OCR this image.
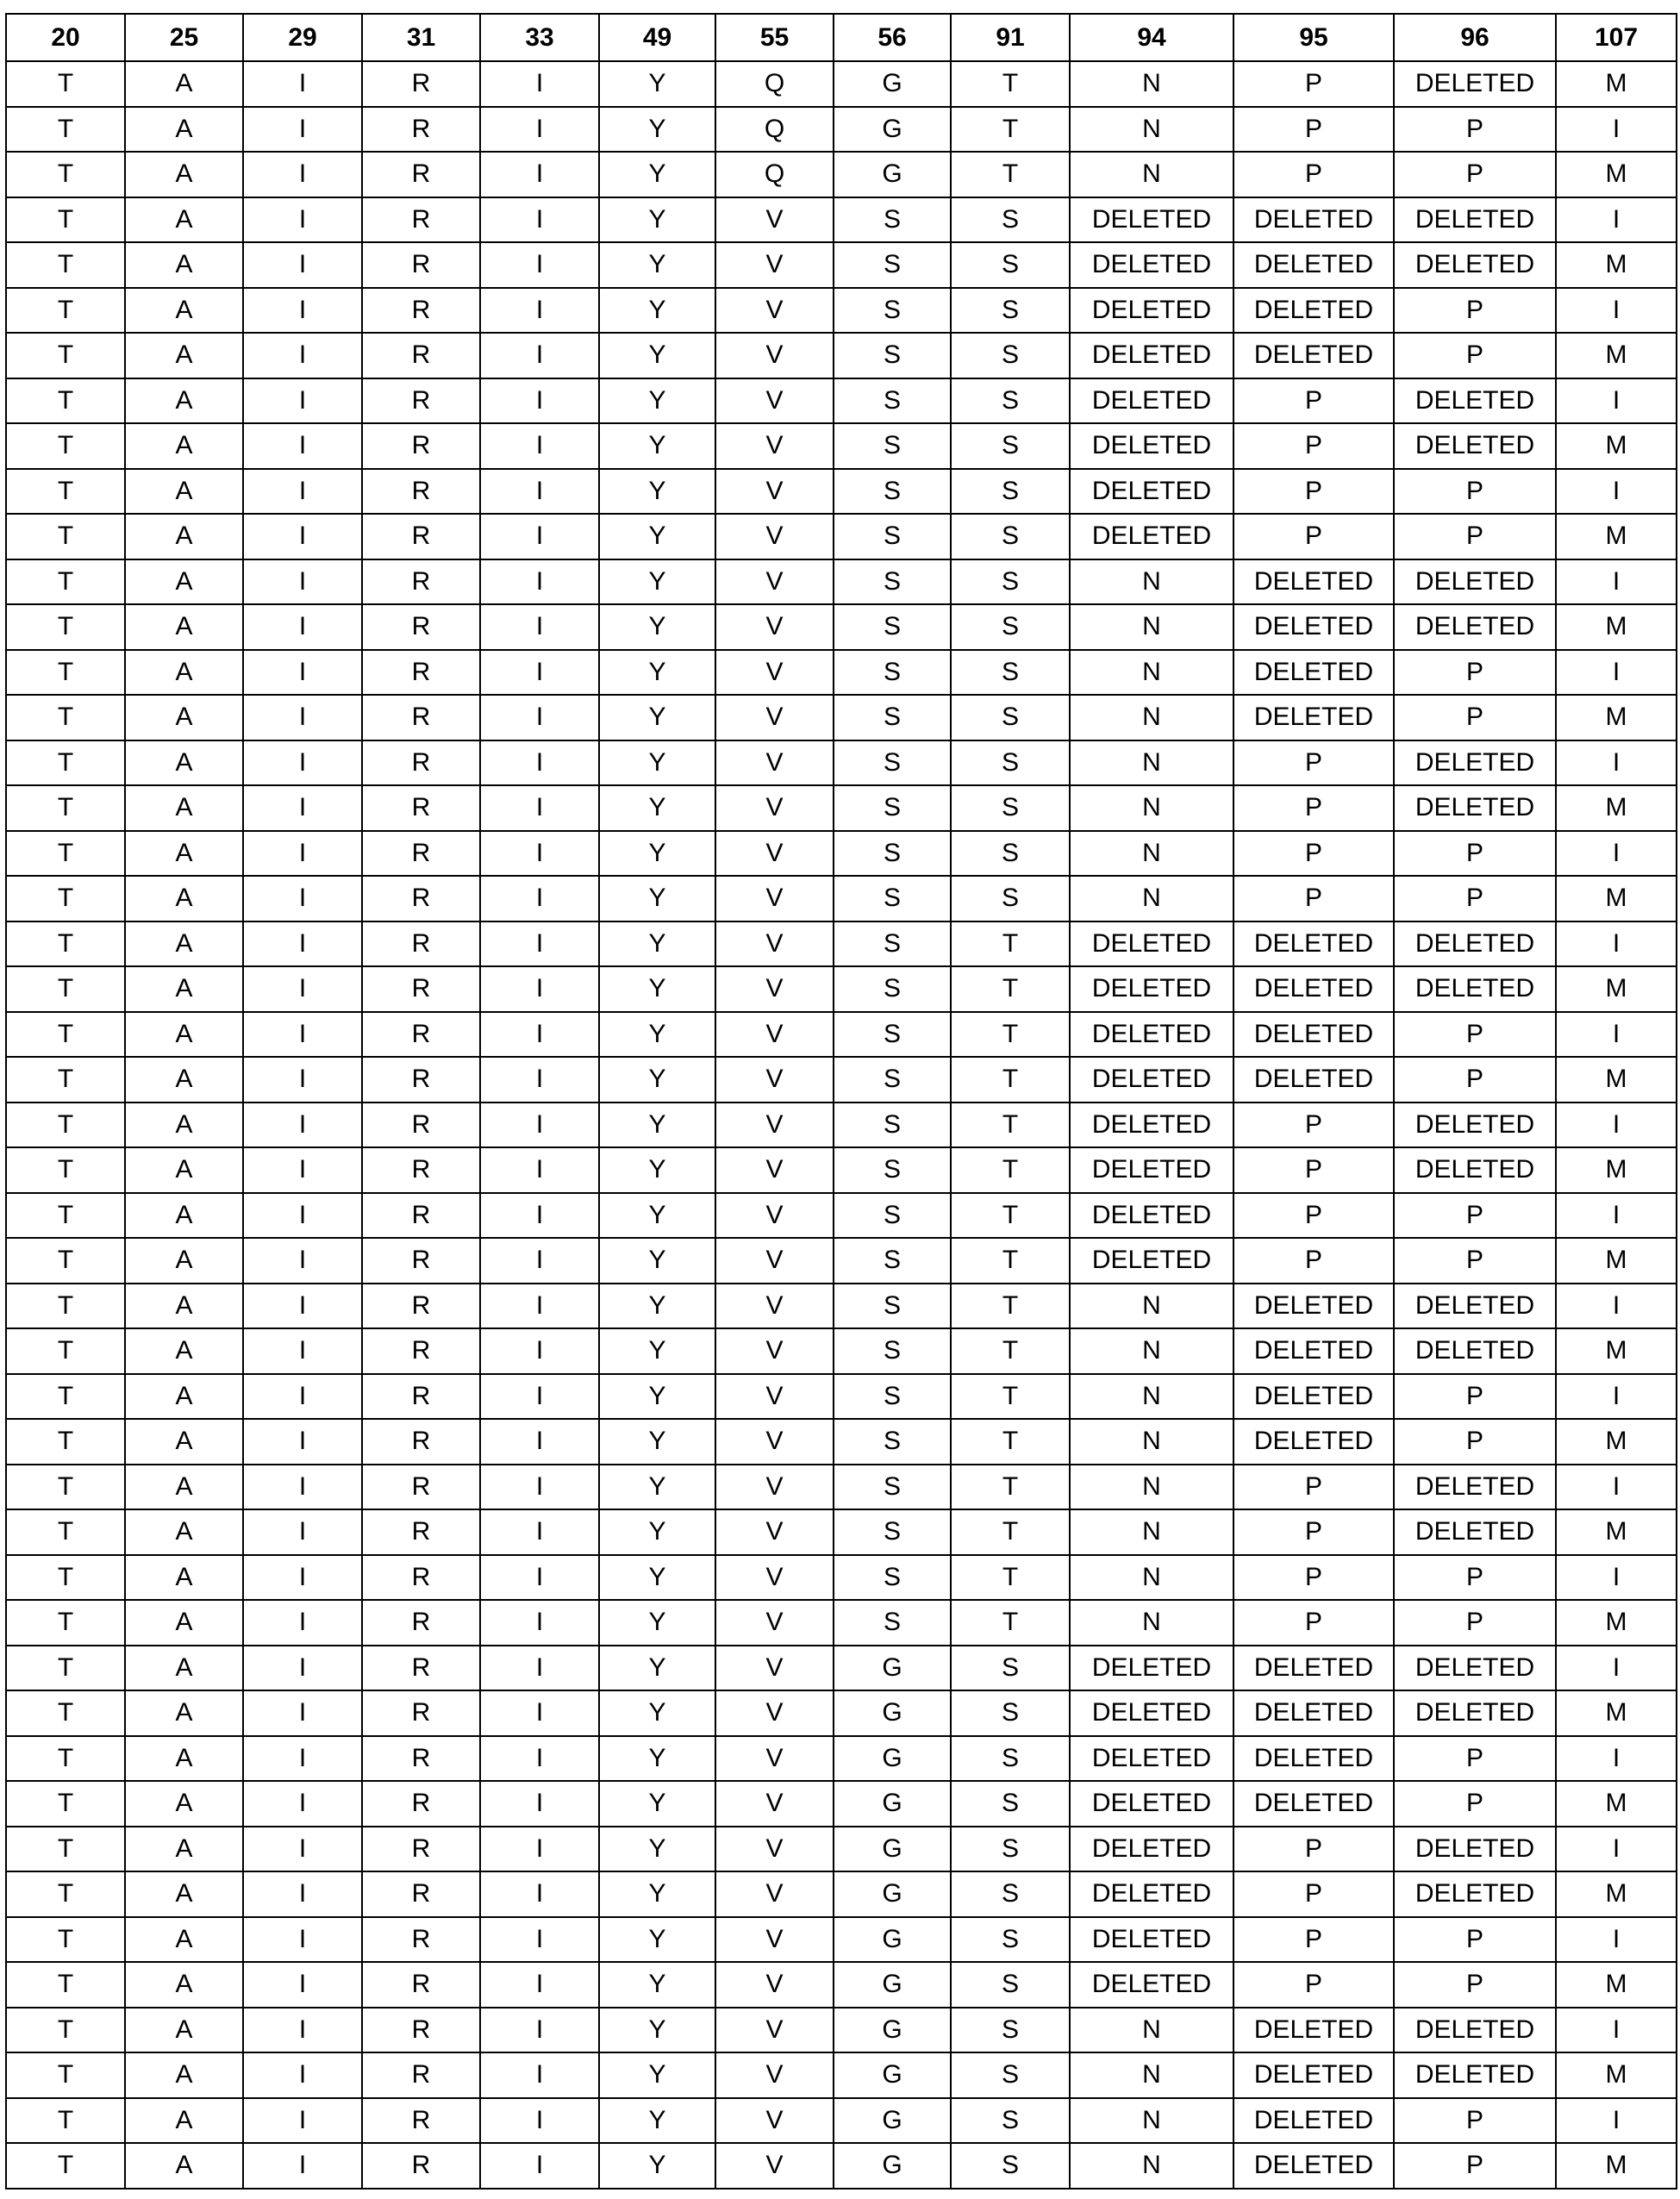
20	25	29	31	33	49	55	56	91	94	95	96	107
T	A	I	R	I	Y	Q	G	T	N	P	DELETED	M
T	A	I	R	I	Y	Q	G	T	N	P	P	I
T	A	I	R	I	Y	Q	G	T	N	P	P	M
T	A	I	R	I	Y	V	S	S	DELETED	DELETED	DELETED	I
T	A	I	R	I	Y	V	S	S	DELETED	DELETED	DELETED	M
T	A	I	R	I	Y	V	S	S	DELETED	DELETED	P	I
T	A	I	R	I	Y	V	S	S	DELETED	DELETED	P	M
T	A	I	R	I	Y	V	S	S	DELETED	P	DELETED	I
T	A	I	R	I	Y	V	S	S	DELETED	P	DELETED	M
T	A	I	R	I	Y	V	S	S	DELETED	P	P	I
T	A	I	R	I	Y	V	S	S	DELETED	P	P	M
T	A	I	R	I	Y	V	S	S	N	DELETED	DELETED	I
T	A	I	R	I	Y	V	S	S	N	DELETED	DELETED	M
T	A	I	R	I	Y	V	S	S	N	DELETED	P	I
T	A	I	R	I	Y	V	S	S	N	DELETED	P	M
T	A	I	R	I	Y	V	S	S	N	P	DELETED	I
T	A	I	R	I	Y	V	S	S	N	P	DELETED	M
T	A	I	R	I	Y	V	S	S	N	P	P	I
T	A	I	R	I	Y	V	S	S	N	P	P	M
T	A	I	R	I	Y	V	S	T	DELETED	DELETED	DELETED	I
T	A	I	R	I	Y	V	S	T	DELETED	DELETED	DELETED	M
T	A	I	R	I	Y	V	S	T	DELETED	DELETED	P	I
T	A	I	R	I	Y	V	S	T	DELETED	DELETED	P	M
T	A	I	R	I	Y	V	S	T	DELETED	P	DELETED	I
T	A	I	R	I	Y	V	S	T	DELETED	P	DELETED	M
T	A	I	R	I	Y	V	S	T	DELETED	P	P	I
T	A	I	R	I	Y	V	S	T	DELETED	P	P	M
T	A	I	R	I	Y	V	S	T	N	DELETED	DELETED	I
T	A	I	R	I	Y	V	S	T	N	DELETED	DELETED	M
T	A	I	R	I	Y	V	S	T	N	DELETED	P	I
T	A	I	R	I	Y	V	S	T	N	DELETED	P	M
T	A	I	R	I	Y	V	S	T	N	P	DELETED	I
T	A	I	R	I	Y	V	S	T	N	P	DELETED	M
T	A	I	R	I	Y	V	S	T	N	P	P	I
T	A	I	R	I	Y	V	S	T	N	P	P	M
T	A	I	R	I	Y	V	G	S	DELETED	DELETED	DELETED	I
T	A	I	R	I	Y	V	G	S	DELETED	DELETED	DELETED	M
T	A	I	R	I	Y	V	G	S	DELETED	DELETED	P	I
T	A	I	R	I	Y	V	G	S	DELETED	DELETED	P	M
T	A	I	R	I	Y	V	G	S	DELETED	P	DELETED	I
T	A	I	R	I	Y	V	G	S	DELETED	P	DELETED	M
T	A	I	R	I	Y	V	G	S	DELETED	P	P	I
T	A	I	R	I	Y	V	G	S	DELETED	P	P	M
T	A	I	R	I	Y	V	G	S	N	DELETED	DELETED	I
T	A	I	R	I	Y	V	G	S	N	DELETED	DELETED	M
T	A	I	R	I	Y	V	G	S	N	DELETED	P	I
T	A	I	R	I	Y	V	G	S	N	DELETED	P	M
